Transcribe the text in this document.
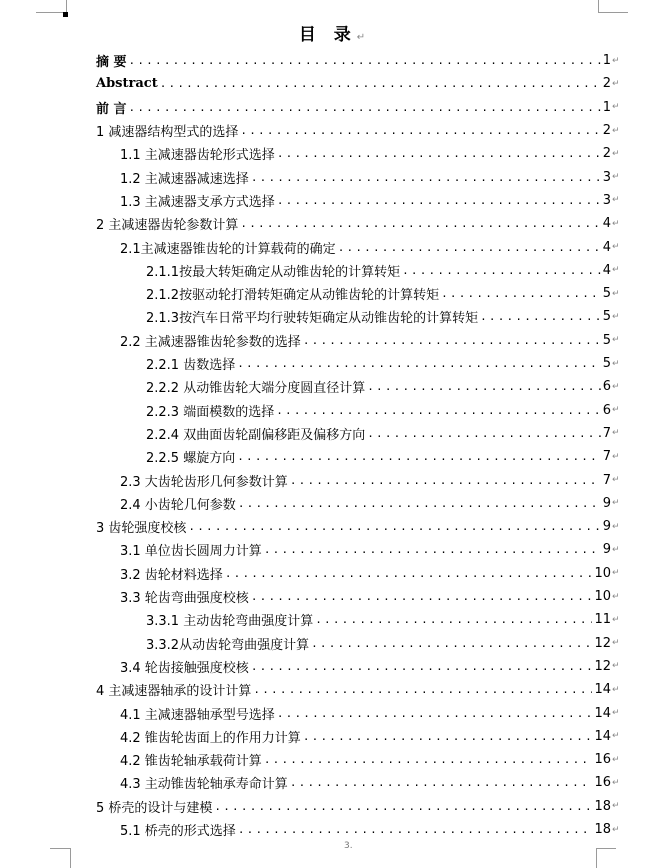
目 录↵
摘 要 .....	1 ↵
Abstract .....	2 ↵
前 言 .....	1 ↵
1 减速器结构型式的选择 .....	2 ↵
1.1 主减速器齿轮形式选择 .....	2 ↵
1.2 主减速器减速选择 .....	3 ↵
1.3 主减速器支承方式选择 .....	3 ↵
2 主减速器齿轮参数计算 .....	4 ↵
2.1主减速器锥齿轮的计算载荷的确定 .....	4 ↵
2.1.1按最大转矩确定从动锥齿轮的计算转矩 .....	4 ↵
2.1.2按驱动轮打滑转矩确定从动锥齿轮的计算转矩 .....	5 ↵
2.1.3按汽车日常平均行驶转矩确定从动锥齿轮的计算转矩 .....	5 ↵
2.2 主减速器锥齿轮参数的选择 .....	5 ↵
2.2.1 齿数选择 .....	5 ↵
2.2.2 从动锥齿轮大端分度圆直径计算 .....	6 ↵
2.2.3 端面模数的选择 .....	6 ↵
2.2.4 双曲面齿轮副偏移距及偏移方向 .....	7 ↵
2.2.5 螺旋方向 .....	7 ↵
2.3 大齿轮齿形几何参数计算 .....	7 ↵
2.4 小齿轮几何参数 .....	9 ↵
3 齿轮强度校核 .....	9 ↵
3.1 单位齿长圆周力计算 .....	9 ↵
3.2 齿轮材料选择 .....	10 ↵
3.3 轮齿弯曲强度校核 .....	10 ↵
3.3.1 主动齿轮弯曲强度计算 .....	11 ↵
3.3.2从动齿轮弯曲强度计算 .....	12 ↵
3.4 轮齿接触强度校核 .....	12 ↵
4 主减速器轴承的设计计算 .....	14 ↵
4.1 主减速器轴承型号选择 .....	14 ↵
4.2 锥齿轮齿面上的作用力计算 .....	14 ↵
4.2 锥齿轮轴承载荷计算 .....	16 ↵
4.3 主动锥齿轮轴承寿命计算 .....	16 ↵
5 桥壳的设计与建模 .....	18 ↵
5.1 桥壳的形式选择 .....	18 ↵
3.
